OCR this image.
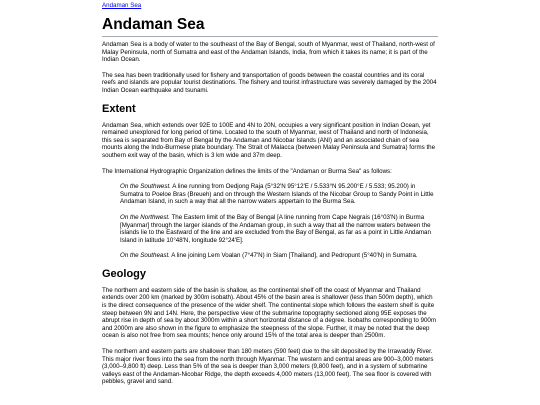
Andaman Sea
Andaman Sea

Andaman Sea is a body of water to the southeast of the Bay of Bengal, south of Myanmar, west of Thailand, north-west of Malay Peninsula, north of Sumatra and east of the Andaman Islands, India, from which it takes its name; it is part of the Indian Ocean.

The sea has been traditionally used for fishery and transportation of goods between the coastal countries and its coral reefs and islands are popular tourist destinations. The fishery and tourist infrastructure was severely damaged by the 2004 Indian Ocean earthquake and tsunami.

Extent

Andaman Sea, which extends over 92E to 100E and 4N to 20N, occupies a very significant position in Indian Ocean, yet remained unexplored for long period of time. Located to the south of Myanmar, west of Thailand and north of Indonesia, this sea is separated from Bay of Bengal by the Andaman and Nicobar Islands (ANI) and an associated chain of sea mounts along the Indo-Burmese plate boundary. The Strait of Malacca (between Malay Peninsula and Sumatra) forms the southern exit way of the basin, which is 3 km wide and 37m deep.

The International Hydrographic Organization defines the limits of the "Andaman or Burma Sea" as follows:

On the Southwest. A line running from Oedjong Raja (5°32'N 95°12'E / 5.533°N 95.200°E / 5.533; 95.200) in Sumatra to Poeloe Bras (Breueh) and on through the Western Islands of the Nicobar Group to Sandy Point in Little Andaman Island, in such a way that all the narrow waters appertain to the Burma Sea.
On the Northwest. The Eastern limit of the Bay of Bengal [A line running from Cape Negrais (16°03'N) in Burma [Myanmar] through the larger islands of the Andaman group, in such a way that all the narrow waters between the islands lie to the Eastward of the line and are excluded from the Bay of Bengal, as far as a point in Little Andaman Island in latitude 10°48'N, longitude 92°24'E].
On the Southeast. A line joining Lem Voalan (7°47'N) in Siam [Thailand], and Pedropunt (5°40'N) in Sumatra.
Geology

The northern and eastern side of the basin is shallow, as the continental shelf off the coast of Myanmar and Thailand extends over 200 km (marked by 300m isobath). About 45% of the basin area is shallower (less than 500m depth), which is the direct consequence of the presence of the wider shelf. The continental slope which follows the eastern shelf is quite steep between 9N and 14N. Here, the perspective view of the submarine topography sectioned along 95E exposes the abrupt rise in depth of sea by about 3000m within a short horizontal distance of a degree. Isobaths corresponding to 900m and 2000m are also shown in the figure to emphasize the steepness of the slope. Further, it may be noted that the deep ocean is also not free from sea mounts; hence only around 15% of the total area is deeper than 2500m.

The northern and eastern parts are shallower than 180 meters (590 feet) due to the silt deposited by the Irrawaddy River. This major river flows into the sea from the north through Myanmar. The western and central areas are 900–3,000 meters (3,000–9,800 ft) deep. Less than 5% of the sea is deeper than 3,000 meters (9,800 feet), and in a system of submarine valleys east of the Andaman-Nicobar Ridge, the depth exceeds 4,000 meters (13,000 feet). The sea floor is covered with pebbles, gravel and sand.
